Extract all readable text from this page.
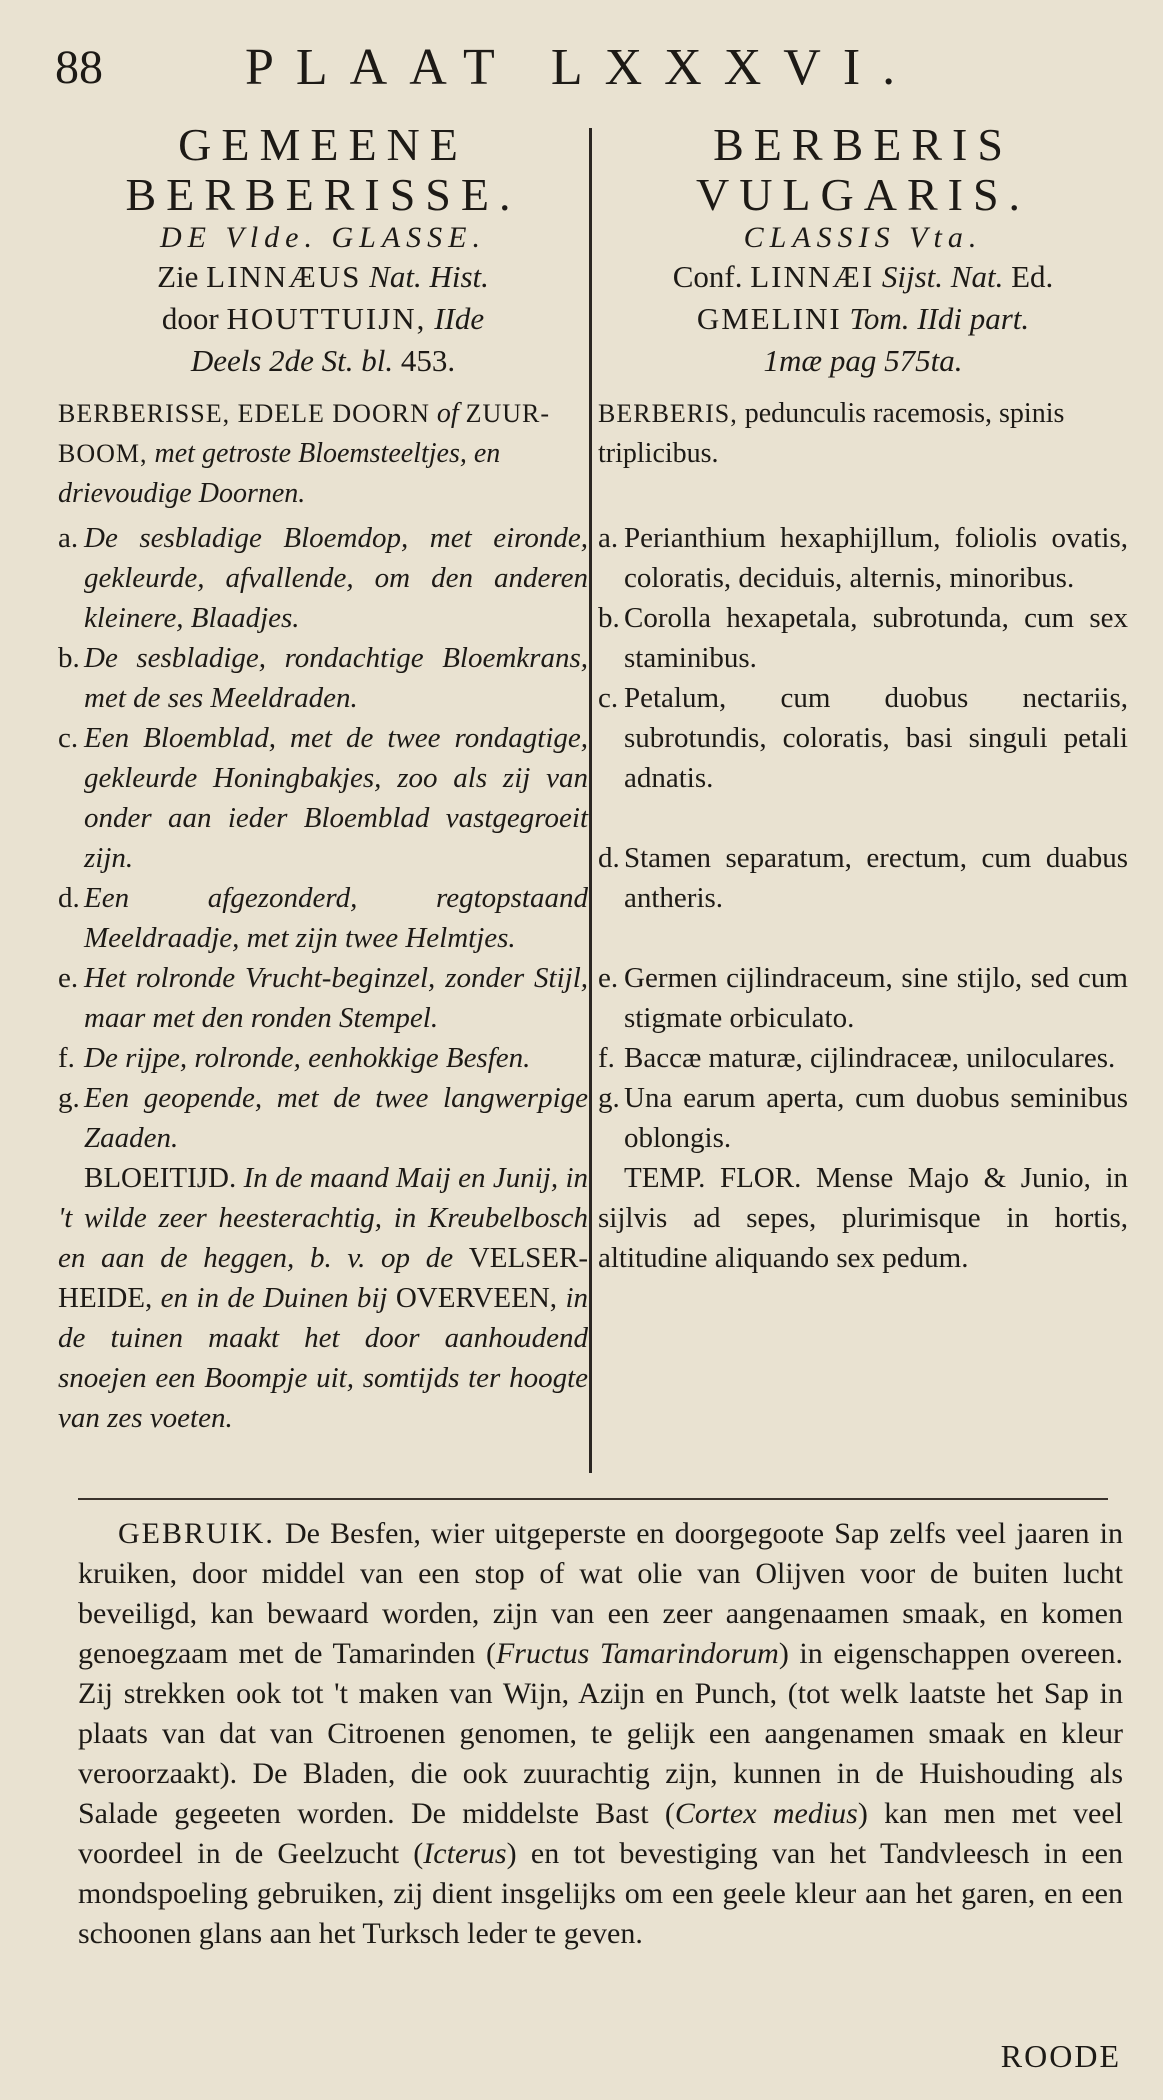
88	PLAAT LXXXVI.
GEMEENE
BERBERISSE.
DE Vlde. GLASSE.
Zie LINNÆUS Nat. Hist.
door HOUTTUIJN, IIde
Deels 2de St. bl. 453.
BERBERISSE, EDELE DOORN of ZUUR-BOOM, met getroste Bloemsteeltjes, en drievoudige Doornen.
a. De sesbladige Bloemdop, met eironde, gekleurde, afvallende, om den anderen kleinere, Blaadjes.
b. De sesbladige, rondachtige Bloemkrans, met de ses Meeldraden.
c. Een Bloemblad, met de twee rondagtige, gekleurde Honingbakjes, zoo als zij van onder aan ieder Bloemblad vastgegroeit zijn.
d. Een afgezonderd, regtopstaand Meeldraadje, met zijn twee Helmtjes.
e. Het rolronde Vrucht-beginzel, zonder Stijl, maar met den ronden Stempel.
f. De rijpe, rolronde, eenhokkige Besfen.
g. Een geopende, met de twee langwerpige Zaaden.
BLOEITIJD. In de maand Maij en Junij, in 't wilde zeer heesterachtig, in Kreubelbosch en aan de heggen, b. v. op de VELSER-HEIDE, en in de Duinen bij OVERVEEN, in de tuinen maakt het door aanhoudend snoejen een Boompje uit, somtijds ter hoogte van zes voeten.
BERBERIS
VULGARIS.
CLASSIS Vta.
Conf. LINNÆI Sijst. Nat. Ed.
GMELINI Tom. IIdi part.
1mæ pag 575ta.
BERBERIS, pedunculis racemosis, spinis triplicibus.
a. Perianthium hexaphijllum, foliolis ovatis, coloratis, deciduis, alternis, minoribus.
b. Corolla hexapetala, subrotunda, cum sex staminibus.
c. Petalum, cum duobus nectariis, subrotundis, coloratis, basi singuli petali adnatis.
d. Stamen separatum, erectum, cum duabus antheris.
e. Germen cijlindraceum, sine stijlo, sed cum stigmate orbiculato.
f. Baccæ maturæ, cijlindraceæ, uniloculares.
g. Una earum aperta, cum duobus seminibus oblongis.
TEMP. FLOR. Mense Majo & Junio, in sijlvis ad sepes, plurimisque in hortis, altitudine aliquando sex pedum.
GEBRUIK. De Besfen, wier uitgeperste en doorgegoote Sap zelfs veel jaaren in kruiken, door middel van een stop of wat olie van Olijven voor de buiten lucht beveiligd, kan bewaard worden, zijn van een zeer aangenaamen smaak, en komen genoegzaam met de Tamarinden (Fructus Tamarindorum) in eigenschappen overeen. Zij strekken ook tot 't maken van Wijn, Azijn en Punch, (tot welk laatste het Sap in plaats van dat van Citroenen genomen, te gelijk een aangenamen smaak en kleur veroorzaakt). De Bladen, die ook zuurachtig zijn, kunnen in de Huishouding als Salade gegeeten worden. De middelste Bast (Cortex medius) kan men met veel voordeel in de Geelzucht (Icterus) en tot bevestiging van het Tandvleesch in een mondspoeling gebruiken, zij dient insgelijks om een geele kleur aan het garen, en een schoonen glans aan het Turksch leder te geven.
ROODE
